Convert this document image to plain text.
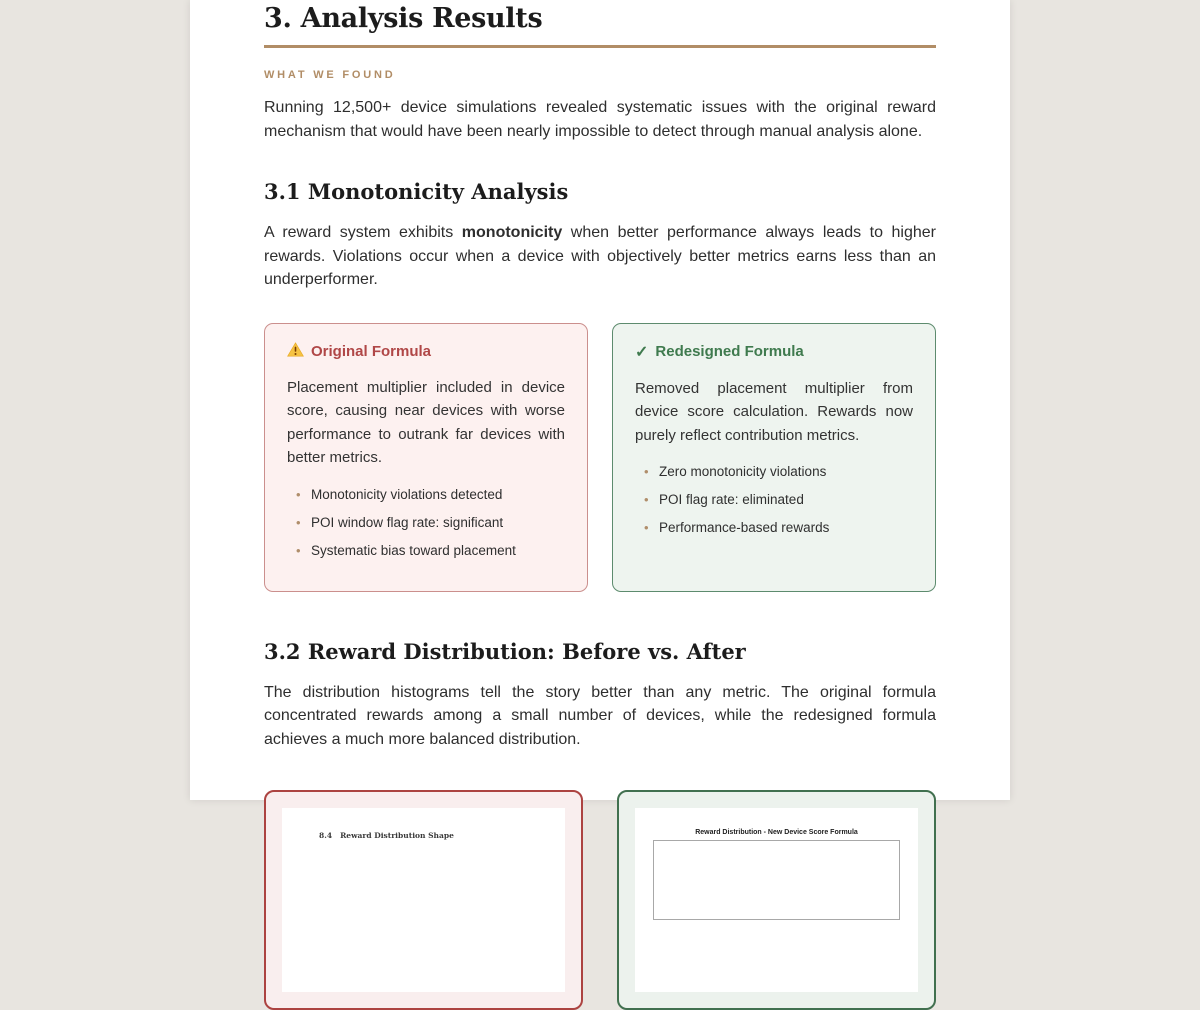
3. Analysis Results
WHAT WE FOUND

Running 12,500+ device simulations revealed systematic issues with the original reward mechanism that would have been nearly impossible to detect through manual analysis alone.

3.1 Monotonicity Analysis

A reward system exhibits monotonicity when better performance always leads to higher rewards. Violations occur when a device with objectively better metrics earns less than an underperformer.

Original Formula

Placement multiplier included in device score, causing near devices with worse performance to outrank far devices with better metrics.

• Monotonicity violations detected
• POI window flag rate: significant
• Systematic bias toward placement
✓ Redesigned Formula

Removed placement multiplier from device score calculation. Rewards now purely reflect contribution metrics.

• Zero monotonicity violations
• POI flag rate: eliminated
• Performance-based rewards
3.2 Reward Distribution: Before vs. After

The distribution histograms tell the story better than any metric. The original formula concentrated rewards among a small number of devices, while the redesigned formula achieves a much more balanced distribution.

8.4 Reward Distribution Shape	Reward Distribution - New Device Score Formula
